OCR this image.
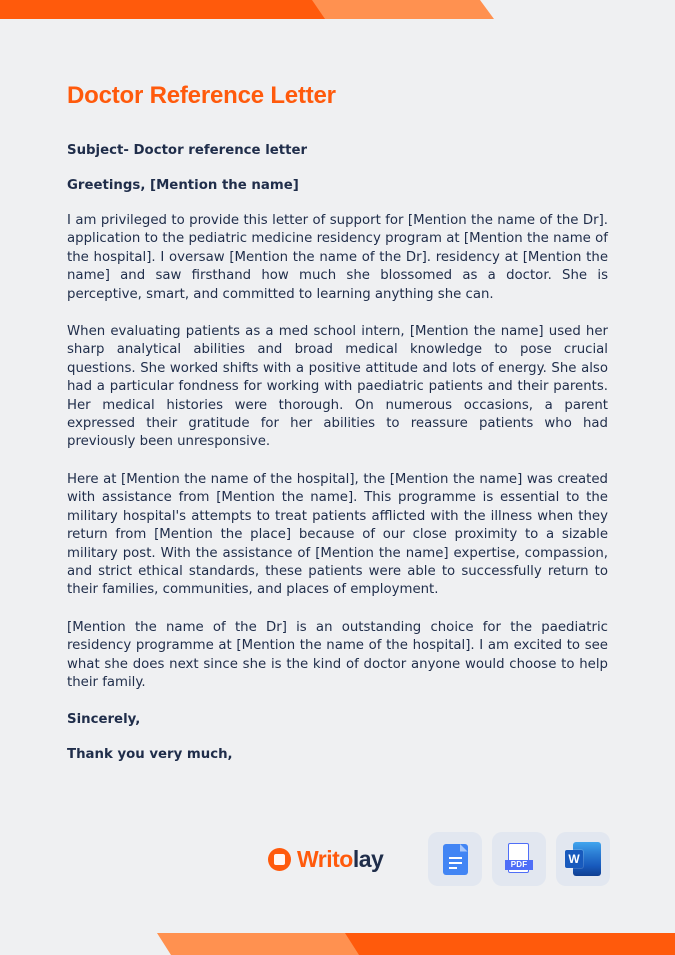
Doctor Reference Letter

Subject- Doctor reference letter

Greetings, [Mention the name]

I am privileged to provide this letter of support for [Mention the name of the Dr]. application to the pediatric medicine residency program at [Mention the name of the hospital]. I oversaw [Mention the name of the Dr]. residency at [Mention the name] and saw firsthand how much she blossomed as a doctor. She is perceptive, smart, and committed to learning anything she can.

When evaluating patients as a med school intern, [Mention the name] used her sharp analytical abilities and broad medical knowledge to pose crucial questions. She worked shifts with a positive attitude and lots of energy. She also had a particular fondness for working with paediatric patients and their parents. Her medical histories were thorough. On numerous occasions, a parent expressed their gratitude for her abilities to reassure patients who had previously been unresponsive.

Here at [Mention the name of the hospital], the [Mention the name] was created with assistance from [Mention the name]. This programme is essential to the military hospital's attempts to treat patients afflicted with the illness when they return from [Mention the place] because of our close proximity to a sizable military post. With the assistance of [Mention the name] expertise, compassion, and strict ethical standards, these patients were able to successfully return to their families, communities, and places of employment.

[Mention the name of the Dr] is an outstanding choice for the paediatric residency programme at [Mention the name of the hospital]. I am excited to see what she does next since she is the kind of doctor anyone would choose to help their family.

Sincerely,

Thank you very much,

Writolay	PDF	W
